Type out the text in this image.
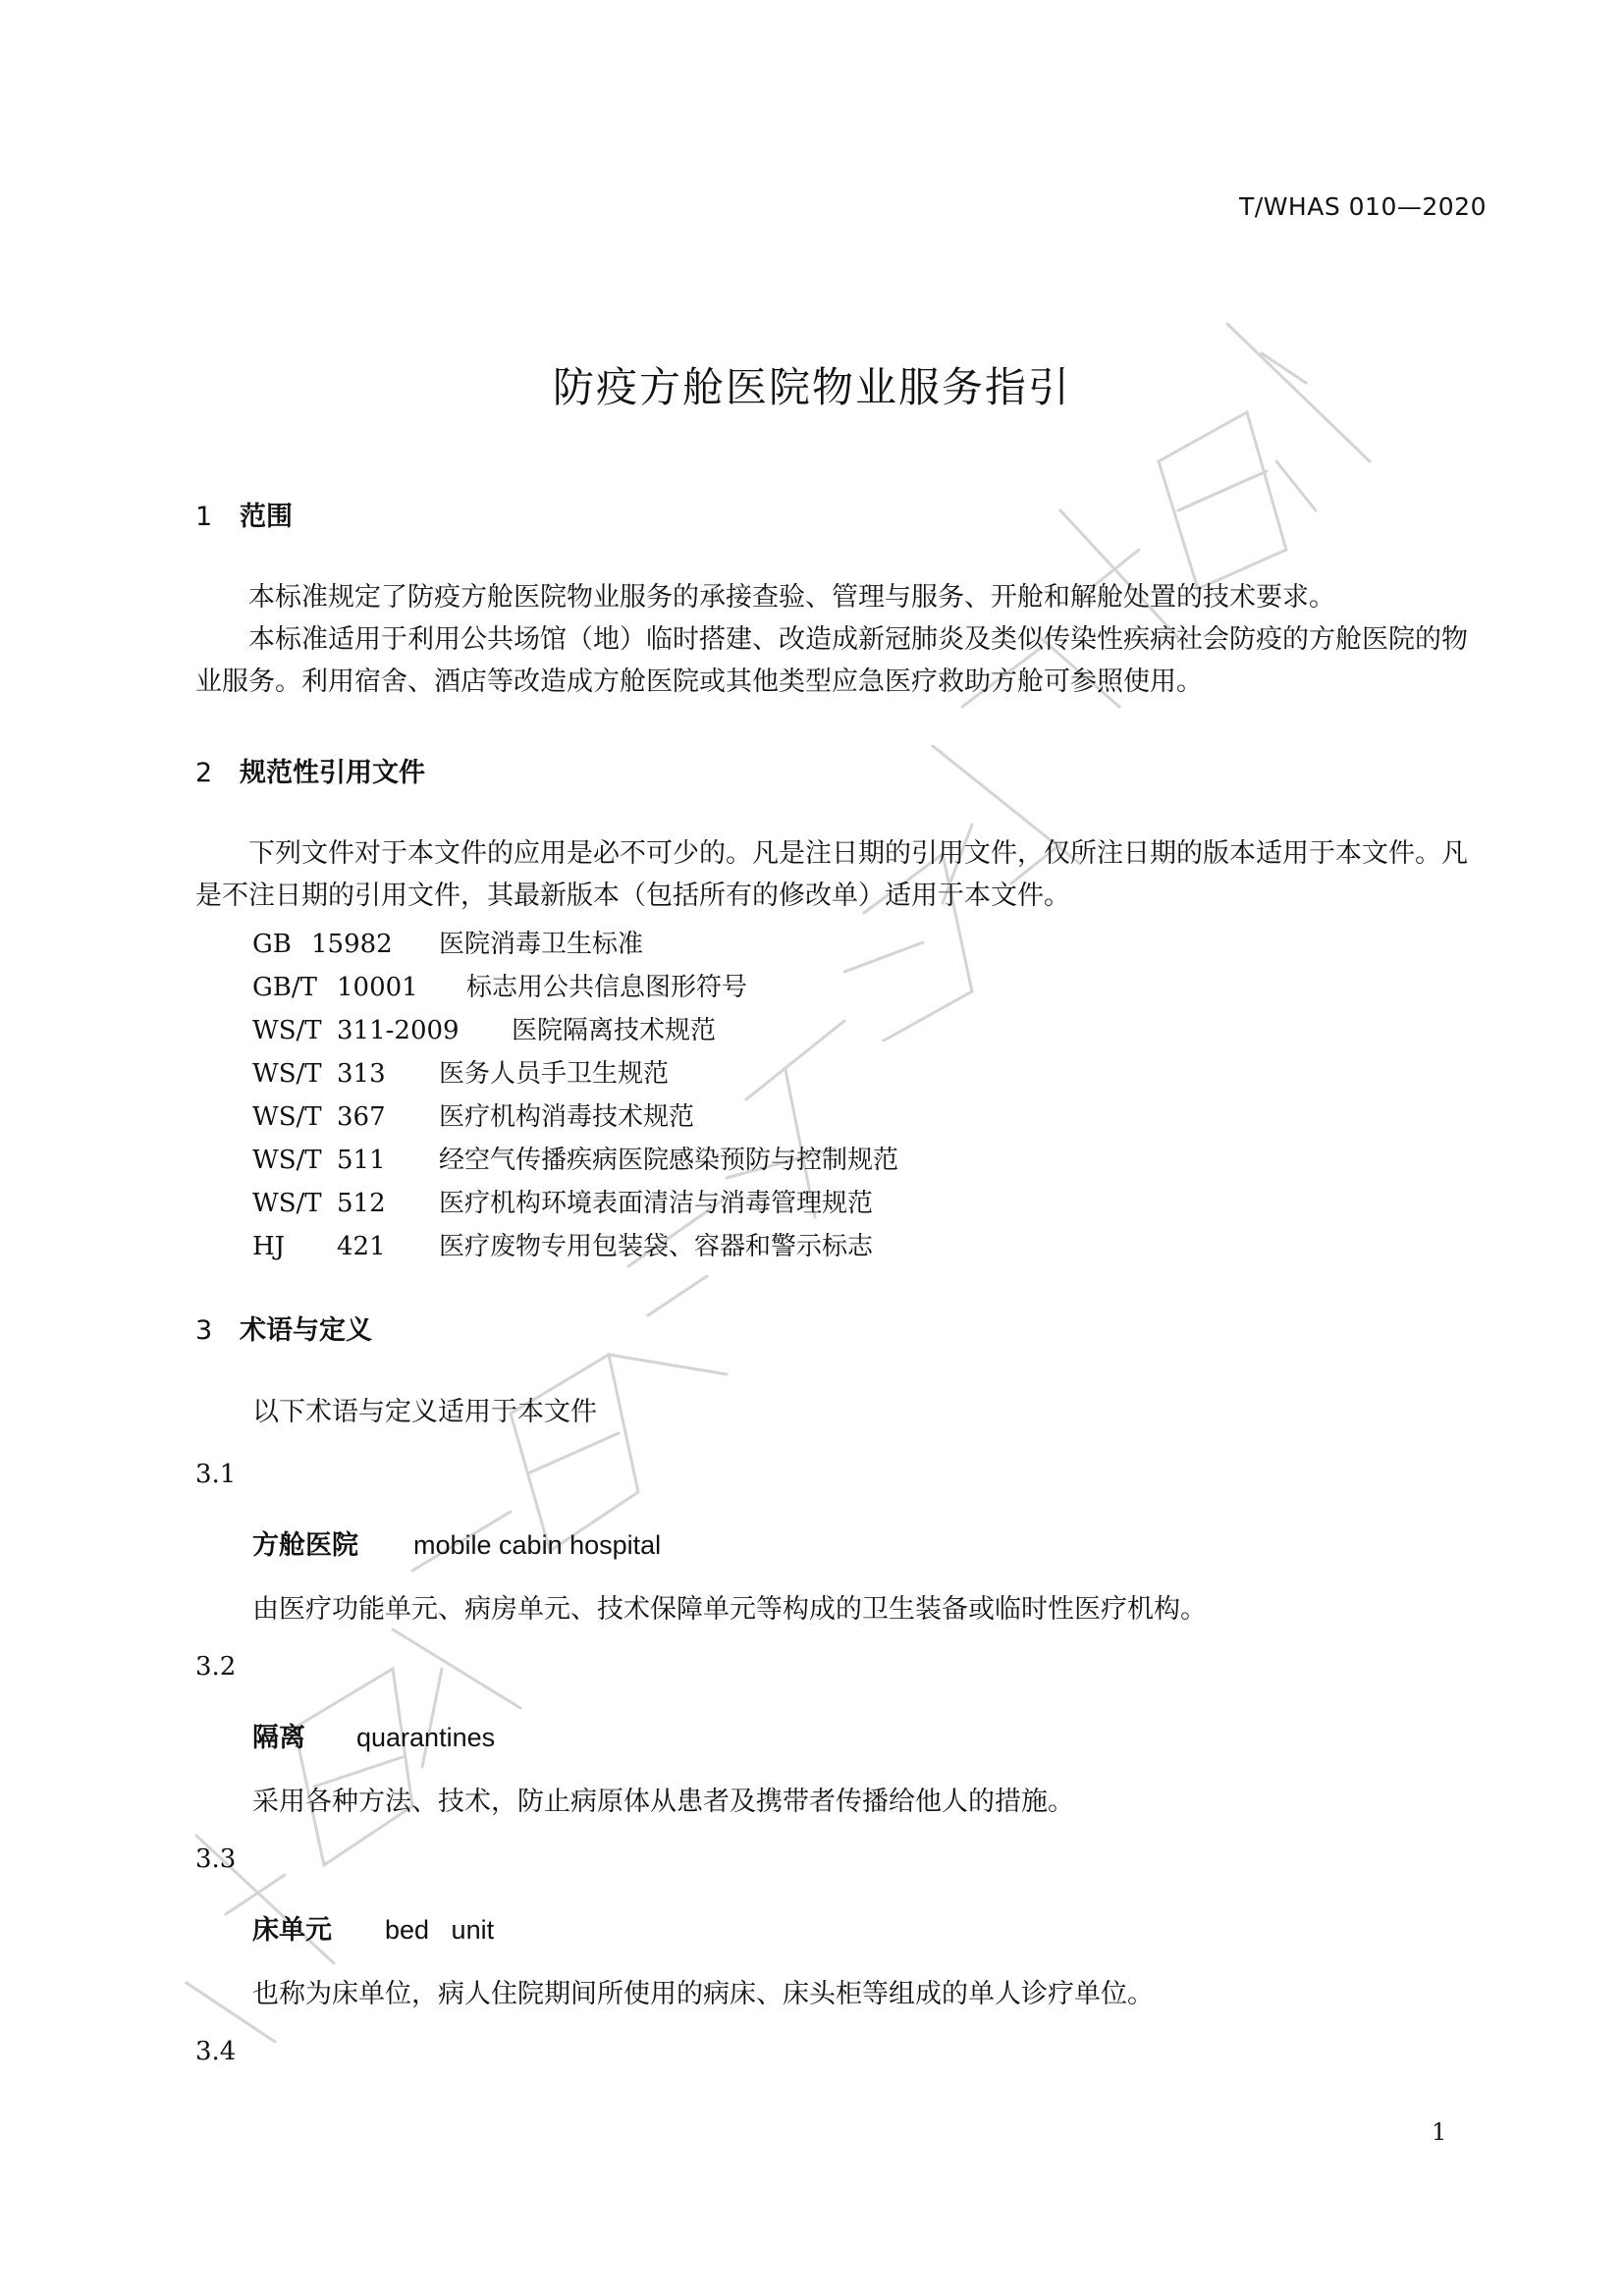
T/WHAS 010—2020
防疫方舱医院物业服务指引
1 范围

本标准规定了防疫方舱医院物业服务的承接查验、管理与服务、开舱和解舱处置的技术要求。

本标准适用于利用公共场馆（地）临时搭建、改造成新冠肺炎及类似传染性疾病社会防疫的方舱医院的物业服务。利用宿舍、酒店等改造成方舱医院或其他类型应急医疗救助方舱可参照使用。

2 规范性引用文件

下列文件对于本文件的应用是必不可少的。凡是注日期的引用文件，仅所注日期的版本适用于本文件。凡是不注日期的引用文件，其最新版本（包括所有的修改单）适用于本文件。

GB 15982 医院消毒卫生标准
GB/T 10001 标志用公共信息图形符号
WS/T 311-2009 医院隔离技术规范
WS/T 313 医务人员手卫生规范
WS/T 367 医疗机构消毒技术规范
WS/T 511 经空气传播疾病医院感染预防与控制规范
WS/T 512 医疗机构环境表面清洁与消毒管理规范
HJ 421 医疗废物专用包装袋、容器和警示标志
3 术语与定义
以下术语与定义适用于本文件
3.1
方舱医院 mobile cabin hospital
由医疗功能单元、病房单元、技术保障单元等构成的卫生装备或临时性医疗机构。
3.2
隔离 quarantines
采用各种方法、技术，防止病原体从患者及携带者传播给他人的措施。
3.3
床单元 bed   unit
也称为床单位，病人住院期间所使用的病床、床头柜等组成的单人诊疗单位。
3.4
1
